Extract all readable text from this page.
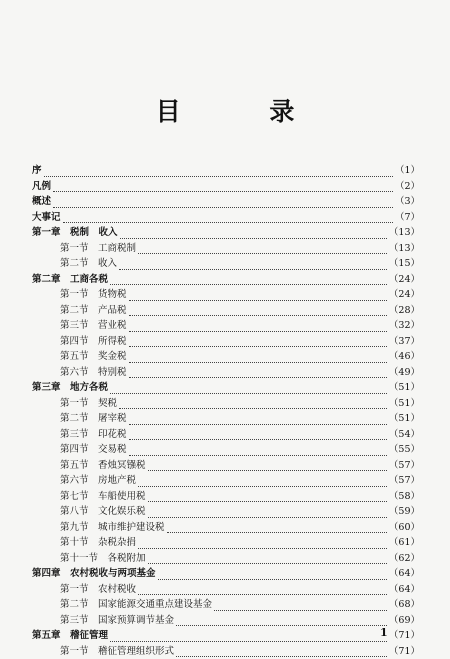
目 录
序	（1）
凡例	（2）
概述	（3）
大事记	（7）
第一章　税制　收入	（13）
第一节　工商税制	（13）
第二节　收入	（15）
第二章　工商各税	（24）
第一节　货物税	（24）
第二节　产品税	（28）
第三节　营业税	（32）
第四节　所得税	（37）
第五节　奖金税	（46）
第六节　特别税	（49）
第三章　地方各税	（51）
第一节　契税	（51）
第二节　屠宰税	（51）
第三节　印花税	（54）
第四节　交易税	（55）
第五节　香烛冥镪税	（57）
第六节　房地产税	（57）
第七节　车船使用税	（58）
第八节　文化娱乐税	（59）
第九节　城市维护建设税	（60）
第十节　杂税杂捐	（61）
第十一节　各税附加	（62）
第四章　农村税收与两项基金	（64）
第一节　农村税收	（64）
第二节　国家能源交通重点建设基金	（68）
第三节　国家预算调节基金	（69）
第五章　稽征管理	（71）
第一节　稽征管理组织形式	（71）
1
